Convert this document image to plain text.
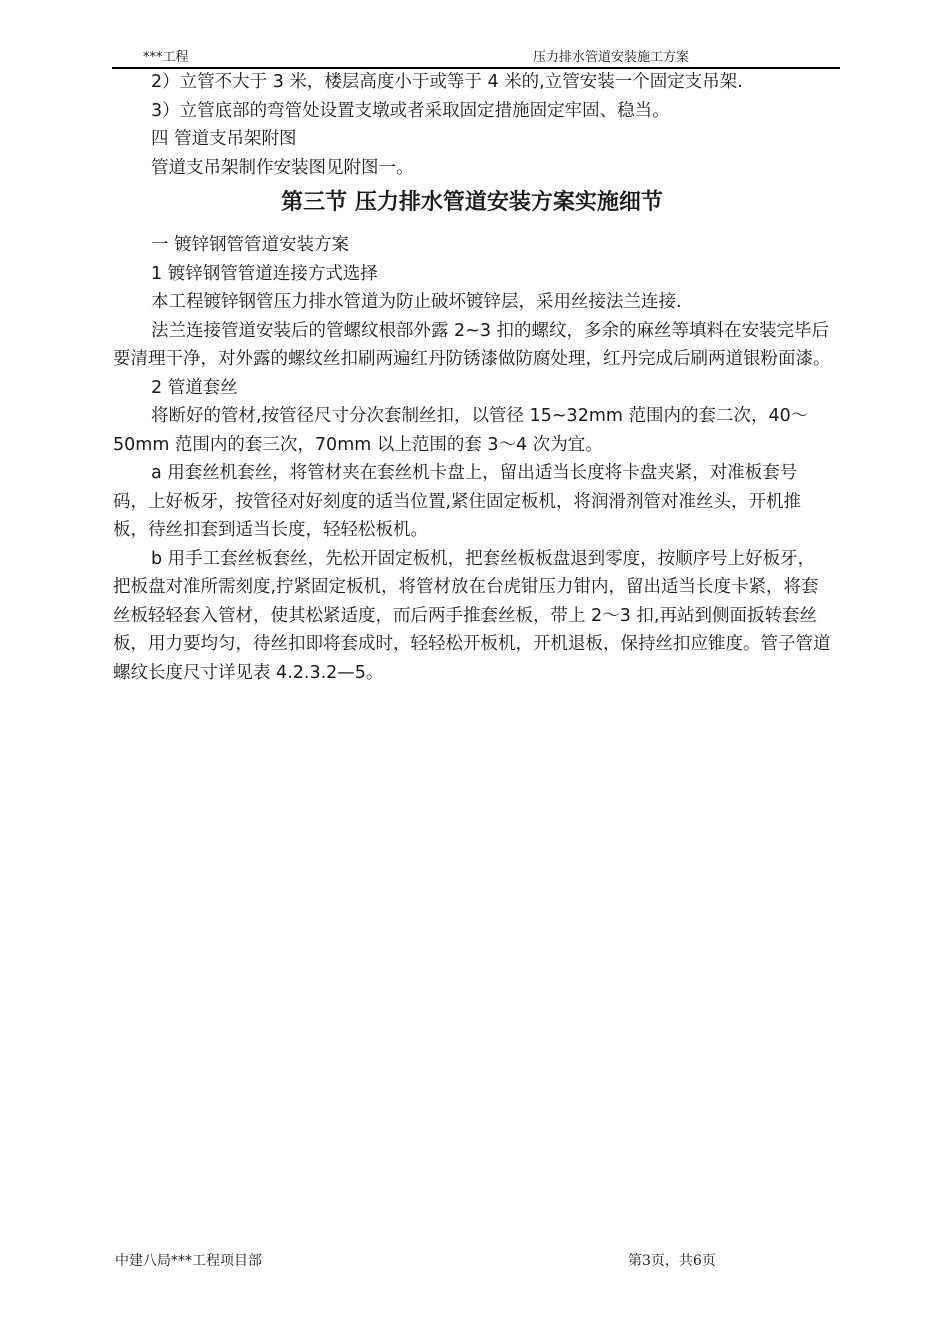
***工程	压力排水管道安装施工方案

2）立管不大于 3 米，楼层高度小于或等于 4 米的,立管安装一个固定支吊架.

3）立管底部的弯管处设置支墩或者采取固定措施固定牢固、稳当。

四 管道支吊架附图

管道支吊架制作安装图见附图一。

第三节 压力排水管道安装方案实施细节

一 镀锌钢管管道安装方案

1 镀锌钢管管道连接方式选择

本工程镀锌钢管压力排水管道为防止破坏镀锌层，采用丝接法兰连接.

法兰连接管道安装后的管螺纹根部外露 2~3 扣的螺纹，多余的麻丝等填料在安装完毕后要清理干净，对外露的螺纹丝扣刷两遍红丹防锈漆做防腐处理，红丹完成后刷两道银粉面漆。

2 管道套丝

将断好的管材,按管径尺寸分次套制丝扣，以管径 15~32mm 范围内的套二次，40～50mm 范围内的套三次，70mm 以上范围的套 3～4 次为宜。

a 用套丝机套丝，将管材夹在套丝机卡盘上，留出适当长度将卡盘夹紧，对准板套号码，上好板牙，按管径对好刻度的适当位置,紧住固定板机，将润滑剂管对准丝头，开机推板，待丝扣套到适当长度，轻轻松板机。

b 用手工套丝板套丝，先松开固定板机，把套丝板板盘退到零度，按顺序号上好板牙，把板盘对准所需刻度,拧紧固定板机，将管材放在台虎钳压力钳内，留出适当长度卡紧，将套丝板轻轻套入管材，使其松紧适度，而后两手推套丝板，带上 2～3 扣,再站到侧面扳转套丝板，用力要均匀，待丝扣即将套成时，轻轻松开板机，开机退板，保持丝扣应锥度。管子管道螺纹长度尺寸详见表 4.2.3.2—5。

中建八局***工程项目部	第3页，共6页
